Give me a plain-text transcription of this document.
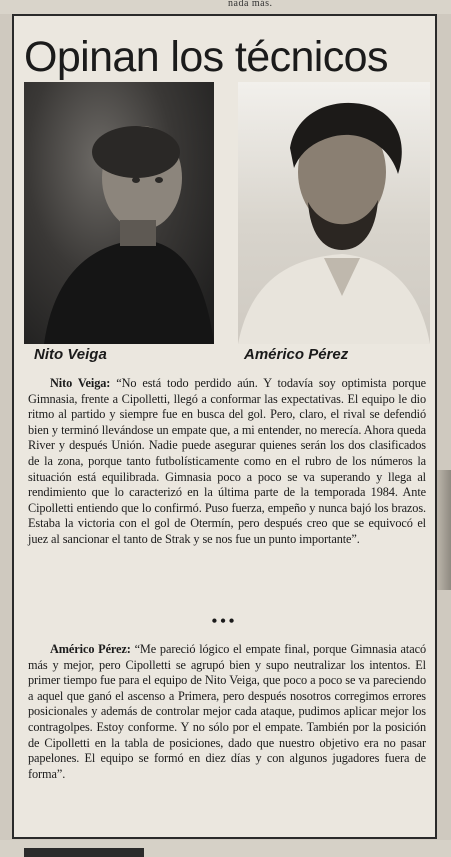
nada más.
Opinan los técnicos

Nito Veiga	Américo Pérez

Nito Veiga: “No está todo perdido aún. Y todavía soy optimista porque Gimnasia, frente a Cipolletti, llegó a conformar las expectativas. El equipo le dio ritmo al partido y siempre fue en busca del gol. Pero, claro, el rival se defendió bien y terminó llevándose un empate que, a mi entender, no merecía. Ahora queda River y después Unión. Nadie puede asegurar quienes serán los dos clasificados de la zona, porque tanto futbolísticamente como en el rubro de los números la situación está equilibrada. Gimnasia poco a poco se va superando y llega al rendimiento que lo caracterizó en la última parte de la temporada 1984. Ante Cipolletti entiendo que lo confirmó. Puso fuerza, empeño y nunca bajó los brazos. Estaba la victoria con el gol de Otermín, pero después creo que se equivocó el juez al sancionar el tanto de Strak y se nos fue un punto importante”.

•••

Américo Pérez: “Me pareció lógico el empate final, porque Gimnasia atacó más y mejor, pero Cipolletti se agrupó bien y supo neutralizar los intentos. El primer tiempo fue para el equipo de Nito Veiga, que poco a poco se va pareciendo a aquel que ganó el ascenso a Primera, pero después nosotros corregimos errores posicionales y además de controlar mejor cada ataque, pudimos aplicar mejor los contragolpes. Estoy conforme. Y no sólo por el empate. También por la posición de Cipolletti en la tabla de posiciones, dado que nuestro objetivo era no pasar papelones. El equipo se formó en diez días y con algunos jugadores fuera de forma”.
